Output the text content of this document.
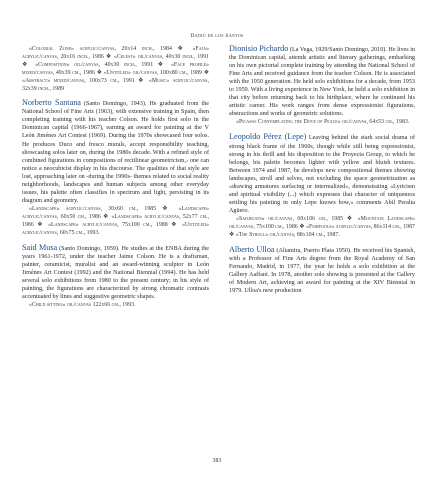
Dadiú de los Santos

«Colonial Zone» acrylic/canvas, 20x14 inch., 1984 ❖ «Faja» acrylic/canvas, 20x16 inch., 1986 ❖ «Celest» oil/canvas, 40x30 inch., 1991 ❖ «Composition» oil/canvas, 40x30 inch., 1991 ❖ «Face profile» mixed/canvas, 49x39 cm., 1986 ❖ «Untitled» oil/canvas, 100x80 cm., 1989 ❖ «Abstract» mixed/canvas, 100x73 cm., 1991 ❖ «Music» acrylic/canvas, 32x39 inch., 1989

Norberto Santana (Santo Domingo, 1943). He graduated from the National School of Fine Arts (1963), with extensive training in Spain, then completing training with his teacher Colson. He holds first solo in the Dominican capital (1966-1967), earning an award for painting at the V León Jiménes Art Contest (1969). During the 1970s showcased four solos. He produces Duco and fresco murals, accept responsibility teaching, showcasing solos later on, during the 1980s decade. With a refined style of combined figurations in compositions of rectilinear geometricism,› one can notice a neocubicist display in his discourse. The qualities of that style are lost, approaching later on -during the 1990s- themes related to social reality neighborhoods, landscapes and human subjects among other everyday issues, his palette often classifies in spectrum and light, persisting in its diagram and geometry.

«Landscape» acrylic/canvas, 30x60 cm., 1985 ❖ «Landscape» acrylic/canvas, 60x50 cm., 1986 ❖ «Landscape» acrylic/canvas, 52x77 cm., 1986 ❖ «Landscape» acrylic/canvas, 75x100 cm., 1988 ❖ «Untitled» acrylic/canvas, 60x75 cm., 1993.

Said Musa (Santo Domingo, 1959). He studies at the ENBA during the years 1961-1972, under the teacher Jaime Colson. He is a draftsman, painter, ceramicist, muralist and an award-winning sculptor in León Jiménes Art Contest (1992) and the National Biennial (1994). He has held several solo exhibitions from 1980 to the present century; in his style of painting, the figurations are characterized by strong chromatic contrasts accentuated by lines and suggestive geometric shapes.

«Child sitting» oil/canvas 122x66 cm., 1993.

Dionisio Pichardo (La Vega, 1929/Santo Domingo, 2010). He lives in the Dominican capital, attends artistic and literary gatherings, embarking on his own pictorial complete training by attending the National School of Fine Arts and received guidance from the teacher Colson. He is associated with the 1950 generation. He held solo exhibitions for a decade, from 1953 to 1959. With a living experience in New York, he held a solo exhibition in that city before returning back to his birthplace, where he continued his artistic career. His work ranges from dense expressionist figurations, abstractions and works of geometric solutions.

«Picasso Contemplating the Dove of Peace» oil/canvas, 64x53 cm., 1983.

Leopoldo Pérez (Lepe) Leaving behind the stark social drama of strong black frame of the 1960s, though while still being expressionist, strong in his thrill and his disposition to the Proyecta Group, to which he belongs, his palette becomes lighter with yellow and bluish textures. Between 1974 and 1987, he develops new compositional themes showing landscapes, stroll and selves, not excluding the space geometrization as «drawing armatures surfacing or intermalized», demonstrating «Lyricism and spiritual visibility (...) which expresses that character of uniqueness settling his painting in only Lepe knows how,» comments Abil Peralta Agüero.

«Sailboats» oil/canvas, 60x106 cm., 1985 ❖ «Mountain Landscape» oil/canvas, 75x100 cm., 1986 ❖ «Fishpools» acrylic/canvas, 86x114 cm., 1987 ❖ «The Stroll» oil/canvas, 88x104 cm., 1987.

Alberto Ulloa (Altamira, Puerto Plata 1950). He received his Spanish, with a Professor of Fine Arts degree from the Royal Academy of San Fernando, Madrid, in 1977, the year he holds a solo exhibition at the Gallery Aaffani. In 1978, another solo showing is presented at the Gallery of Modern Art, achieving an award for painting at the XIV Biennial in 1979. Ulloa's new production

383
